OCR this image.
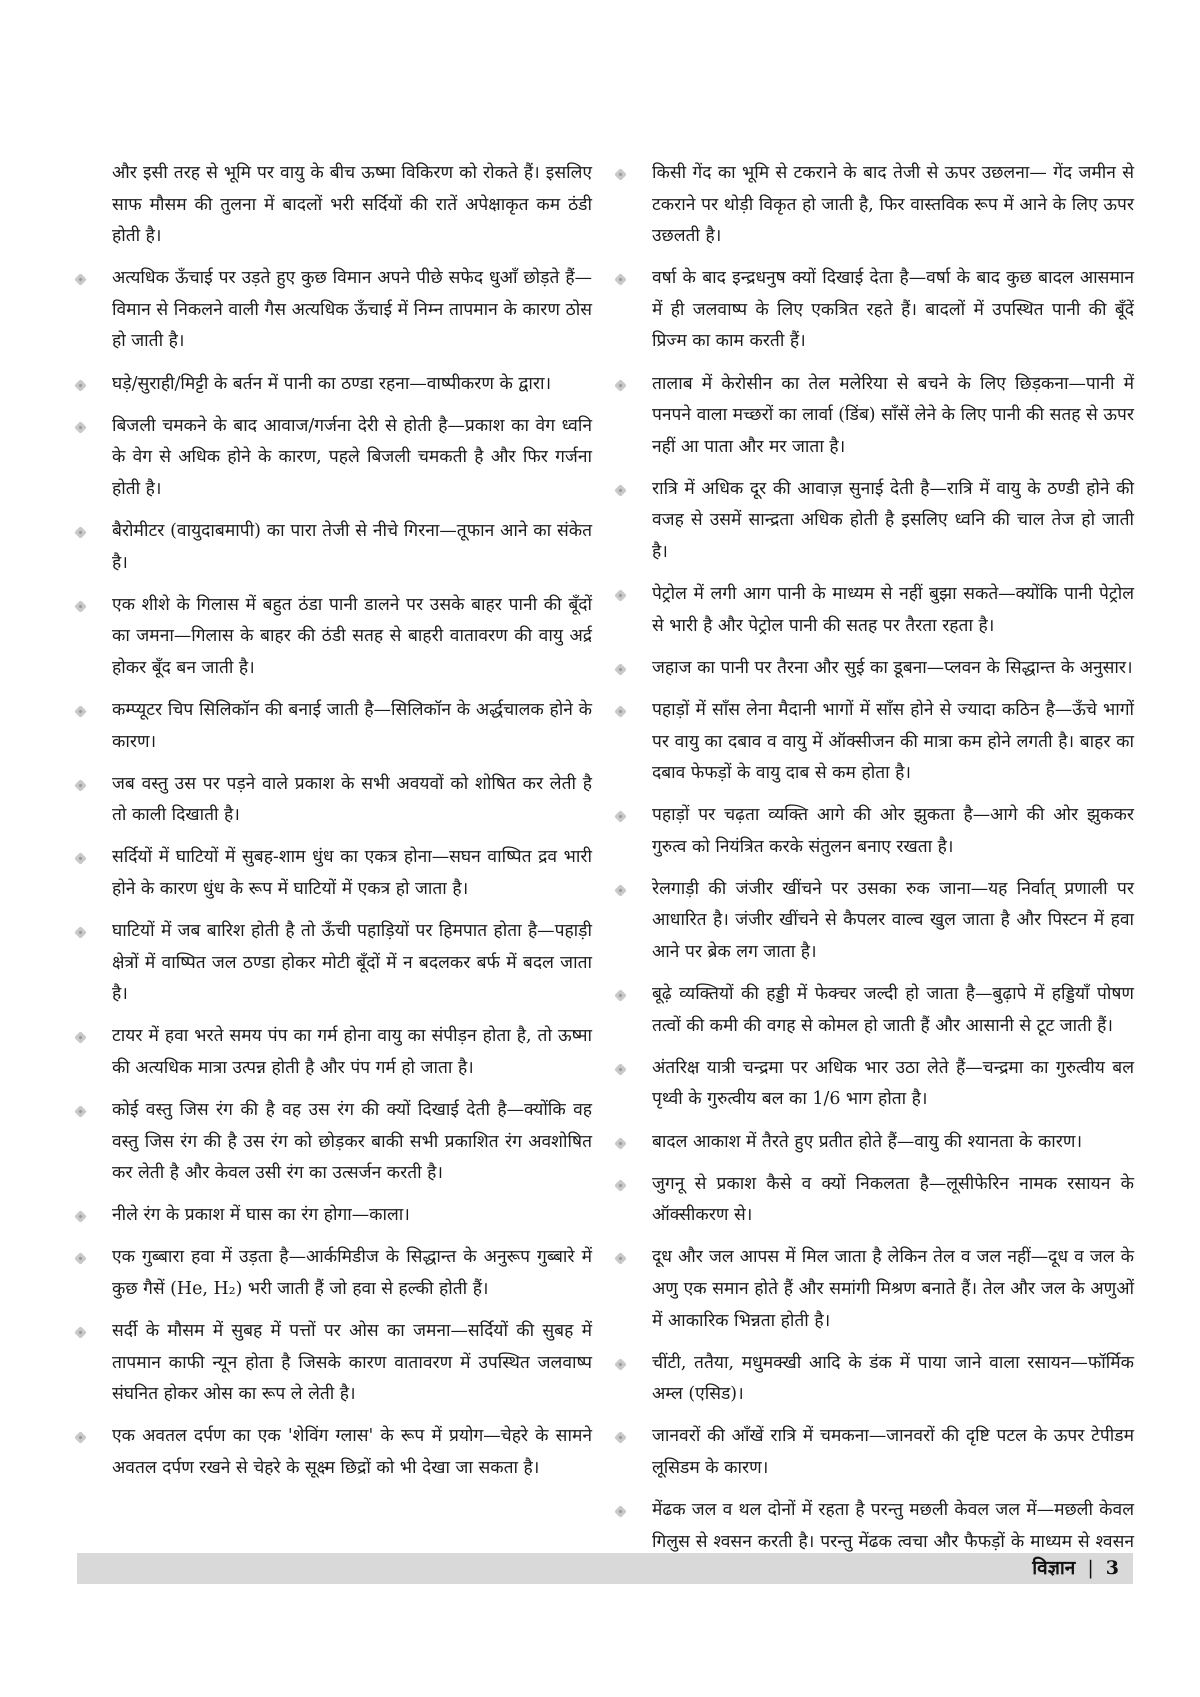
और इसी तरह से भूमि पर वायु के बीच ऊष्मा विकिरण को रोकते हैं। इसलिए साफ मौसम की तुलना में बादलों भरी सर्दियों की रातें अपेक्षाकृत कम ठंडी होती है।
अत्यधिक ऊँचाई पर उड़ते हुए कुछ विमान अपने पीछे सफेद धुआँ छोड़ते हैं—विमान से निकलने वाली गैस अत्यधिक ऊँचाई में निम्न तापमान के कारण ठोस हो जाती है।
घड़े/सुराही/मिट्टी के बर्तन में पानी का ठण्डा रहना—वाष्पीकरण के द्वारा।
बिजली चमकने के बाद आवाज/गर्जना देरी से होती है—प्रकाश का वेग ध्वनि के वेग से अधिक होने के कारण, पहले बिजली चमकती है और फिर गर्जना होती है।
बैरोमीटर (वायुदाबमापी) का पारा तेजी से नीचे गिरना—तूफान आने का संकेत है।
एक शीशे के गिलास में बहुत ठंडा पानी डालने पर उसके बाहर पानी की बूँदों का जमना—गिलास के बाहर की ठंडी सतह से बाहरी वातावरण की वायु अर्द्र होकर बूँद बन जाती है।
कम्प्यूटर चिप सिलिकॉन की बनाई जाती है—सिलिकॉन के अर्द्धचालक होने के कारण।
जब वस्तु उस पर पड़ने वाले प्रकाश के सभी अवयवों को शोषित कर लेती है तो काली दिखाती है।
सर्दियों में घाटियों में सुबह-शाम धुंध का एकत्र होना—सघन वाष्पित द्रव भारी होने के कारण धुंध के रूप में घाटियों में एकत्र हो जाता है।
घाटियों में जब बारिश होती है तो ऊँची पहाड़ियों पर हिमपात होता है—पहाड़ी क्षेत्रों में वाष्पित जल ठण्डा होकर मोटी बूँदों में न बदलकर बर्फ में बदल जाता है।
टायर में हवा भरते समय पंप का गर्म होना वायु का संपीड़न होता है, तो ऊष्मा की अत्यधिक मात्रा उत्पन्न होती है और पंप गर्म हो जाता है।
कोई वस्तु जिस रंग की है वह उस रंग की क्यों दिखाई देती है—क्योंकि वह वस्तु जिस रंग की है उस रंग को छोड़कर बाकी सभी प्रकाशित रंग अवशोषित कर लेती है और केवल उसी रंग का उत्सर्जन करती है।
नीले रंग के प्रकाश में घास का रंग होगा—काला।
एक गुब्बारा हवा में उड़ता है—आर्कमिडीज के सिद्धान्त के अनुरूप गुब्बारे में कुछ गैसें (He, H₂) भरी जाती हैं जो हवा से हल्की होती हैं।
सर्दी के मौसम में सुबह में पत्तों पर ओस का जमना—सर्दियों की सुबह में तापमान काफी न्यून होता है जिसके कारण वातावरण में उपस्थित जलवाष्प संघनित होकर ओस का रूप ले लेती है।
एक अवतल दर्पण का एक 'शेविंग ग्लास' के रूप में प्रयोग—चेहरे के सामने अवतल दर्पण रखने से चेहरे के सूक्ष्म छिद्रों को भी देखा जा सकता है।
किसी गेंद का भूमि से टकराने के बाद तेजी से ऊपर उछलना— गेंद जमीन से टकराने पर थोड़ी विकृत हो जाती है, फिर वास्तविक रूप में आने के लिए ऊपर उछलती है।
वर्षा के बाद इन्द्रधनुष क्यों दिखाई देता है—वर्षा के बाद कुछ बादल आसमान में ही जलवाष्प के लिए एकत्रित रहते हैं। बादलों में उपस्थित पानी की बूँदें प्रिज्म का काम करती हैं।
तालाब में केरोसीन का तेल मलेरिया से बचने के लिए छिड़कना—पानी में पनपने वाला मच्छरों का लार्वा (डिंब) साँसें लेने के लिए पानी की सतह से ऊपर नहीं आ पाता और मर जाता है।
रात्रि में अधिक दूर की आवाज़ सुनाई देती है—रात्रि में वायु के ठण्डी होने की वजह से उसमें सान्द्रता अधिक होती है इसलिए ध्वनि की चाल तेज हो जाती है।
पेट्रोल में लगी आग पानी के माध्यम से नहीं बुझा सकते—क्योंकि पानी पेट्रोल से भारी है और पेट्रोल पानी की सतह पर तैरता रहता है।
जहाज का पानी पर तैरना और सुई का डूबना—प्लवन के सिद्धान्त के अनुसार।
पहाड़ों में साँस लेना मैदानी भागों में साँस होने से ज्यादा कठिन है—ऊँचे भागों पर वायु का दबाव व वायु में ऑक्सीजन की मात्रा कम होने लगती है। बाहर का दबाव फेफड़ों के वायु दाब से कम होता है।
पहाड़ों पर चढ़ता व्यक्ति आगे की ओर झुकता है—आगे की ओर झुककर गुरुत्व को नियंत्रित करके संतुलन बनाए रखता है।
रेलगाड़ी की जंजीर खींचने पर उसका रुक जाना—यह निर्वात् प्रणाली पर आधारित है। जंजीर खींचने से कैपलर वाल्व खुल जाता है और पिस्टन में हवा आने पर ब्रेक लग जाता है।
बूढ़े व्यक्तियों की हड्डी में फेक्चर जल्दी हो जाता है—बुढ़ापे में हड्डियाँ पोषण तत्वों की कमी की वगह से कोमल हो जाती हैं और आसानी से टूट जाती हैं।
अंतरिक्ष यात्री चन्द्रमा पर अधिक भार उठा लेते हैं—चन्द्रमा का गुरुत्वीय बल पृथ्वी के गुरुत्वीय बल का 1/6 भाग होता है।
बादल आकाश में तैरते हुए प्रतीत होते हैं—वायु की श्यानता के कारण।
जुगनू से प्रकाश कैसे व क्यों निकलता है—लूसीफेरिन नामक रसायन के ऑक्सीकरण से।
दूध और जल आपस में मिल जाता है लेकिन तेल व जल नहीं—दूध व जल के अणु एक समान होते हैं और समांगी मिश्रण बनाते हैं। तेल और जल के अणुओं में आकारिक भिन्नता होती है।
चींटी, ततैया, मधुमक्खी आदि के डंक में पाया जाने वाला रसायन—फॉर्मिक अम्ल (एसिड)।
जानवरों की आँखें रात्रि में चमकना—जानवरों की दृष्टि पटल के ऊपर टेपीडम लूसिडम के कारण।
मेंढक जल व थल दोनों में रहता है परन्तु मछली केवल जल में—मछली केवल गिलुस से श्वसन करती है। परन्तु मेंढक त्वचा और फैफड़ों के माध्यम से श्वसन
विज्ञान | 3
